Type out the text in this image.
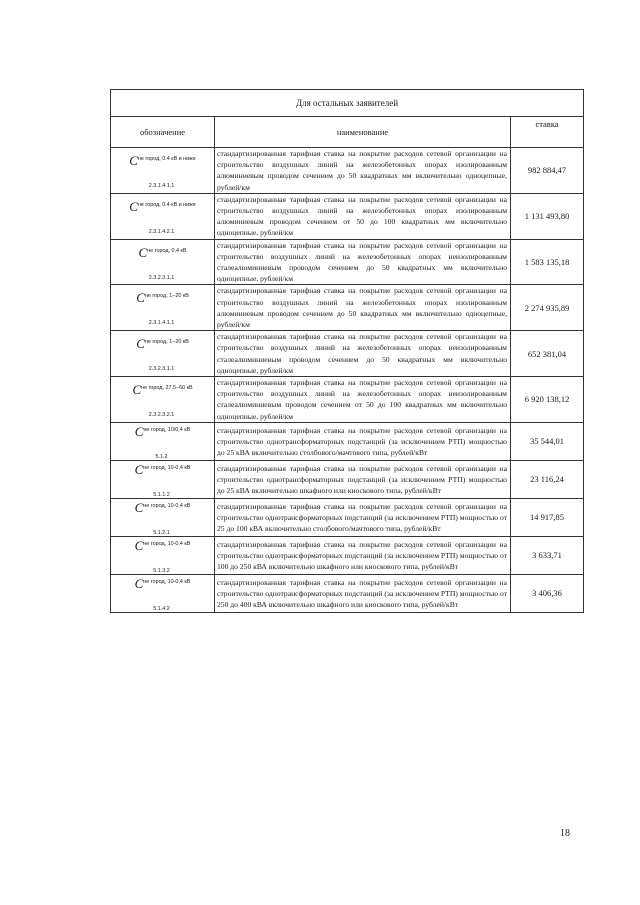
Для остальных заявителей		
обозначение	наименование	ставка
$C^{не город, 0.4 кВ и ниже}$
$_{2.3.1.4.1.1}$	стандартизированная тарифная ставка на покрытие расходов сетевой организации на строительство воздушных линий на железобетонных опорах изолированным алюминиевым проводом сечением до 50 квадратных мм включительно одноцепные, рублей/км	982 884,47
$C^{не город, 0.4 кВ и ниже}$
$_{2.3.1.4.2.1}$	стандартизированная тарифная ставка на покрытие расходов сетевой организации на строительство воздушных линий на железобетонных опорах изолированным алюминиевым проводом сечением от 50 до 100 квадратных мм включительно одноцепные, рублей/км	1 131 493,80
$C^{не город, 0,4 кВ}$
$_{2.3.2.3.1.1}$	стандартизированная тарифная ставка на покрытие расходов сетевой организации на строительство воздушных линий на железобетонных опорах неизолированным сталеалюминиевым проводом сечением до 50 квадратных мм включительно одноцепные, рублей/км	1 583 135,18
$C^{не город, 1-20 кВ}$
$_{2.3.1.4.1.1}$	стандартизированная тарифная ставка на покрытие расходов сетевой организации на строительство воздушных линий на железобетонных опорах изолированным алюминиевым проводом сечением до 50 квадратных мм включительно одноцепные, рублей/км	2 274 935,89
$C^{не город, 1-20 кВ}$
$_{2.3.2.3.1.1}$	стандартизированная тарифная ставка на покрытие расходов сетевой организации на строительство воздушных линий на железобетонных опорах неизолированным сталеалюминиевым проводом сечением до 50 квадратных мм включительно одноцепные, рублей/км	652 381,04
$C^{не город, 27,5-60 кВ}$
$_{2.3.2.3.2.1}$	стандартизированная тарифная ставка на покрытие расходов сетевой организации на строительство воздушных линий на железобетонных опорах неизолированным сталеалюминиевым проводом сечением от 50 до 100 квадратных мм включительно одноцепные, рублей/км	6 920 138,12
$C^{не город, 10/0,4 кВ}$
$_{5.1.2}$	стандартизированная тарифная ставка на покрытие расходов сетевой организации на строительство однотрансформаторных подстанций (за исключением РТП) мощностью до 25 кВА включительно столбового/мачтового типа, рублей/кВт	35 544,01
$C^{не город, 10-0,4 кВ}$
$_{5.1.1.2}$	стандартизированная тарифная ставка на покрытие расходов сетевой организации на строительство однотрансформаторных подстанций (за исключением РТП) мощностью до 25 кВА включительно шкафного или киоскового типа, рублей/кВт	23 116,24
$C^{не город, 10-0,4 кВ}$
$_{5.1.2.1}$	стандартизированная тарифная ставка на покрытие расходов сетевой организации на строительство однотрансформаторных подстанций (за исключением РТП) мощностью от 25 до 100 кВА включительно столбового/мачтового типа, рублей/кВт	14 917,85
$C^{не город, 10-0,4 кВ}$
$_{5.1.3.2}$	стандартизированная тарифная ставка на покрытие расходов сетевой организации на строительство однотрансформаторных подстанций (за исключением РТП) мощностью от 100 до 250 кВА включительно шкафного или киоскового типа, рублей/кВт	3 633,71
$C^{не город, 10-0,4 кВ}$
$_{5.1.4.2}$	стандартизированная тарифная ставка на покрытие расходов сетевой организации на строительство однотрансформаторных подстанций (за исключением РТП) мощностью от 250 до 400 кВА включительно шкафного или киоскового типа, рублей/кВт	3 406,36
18
